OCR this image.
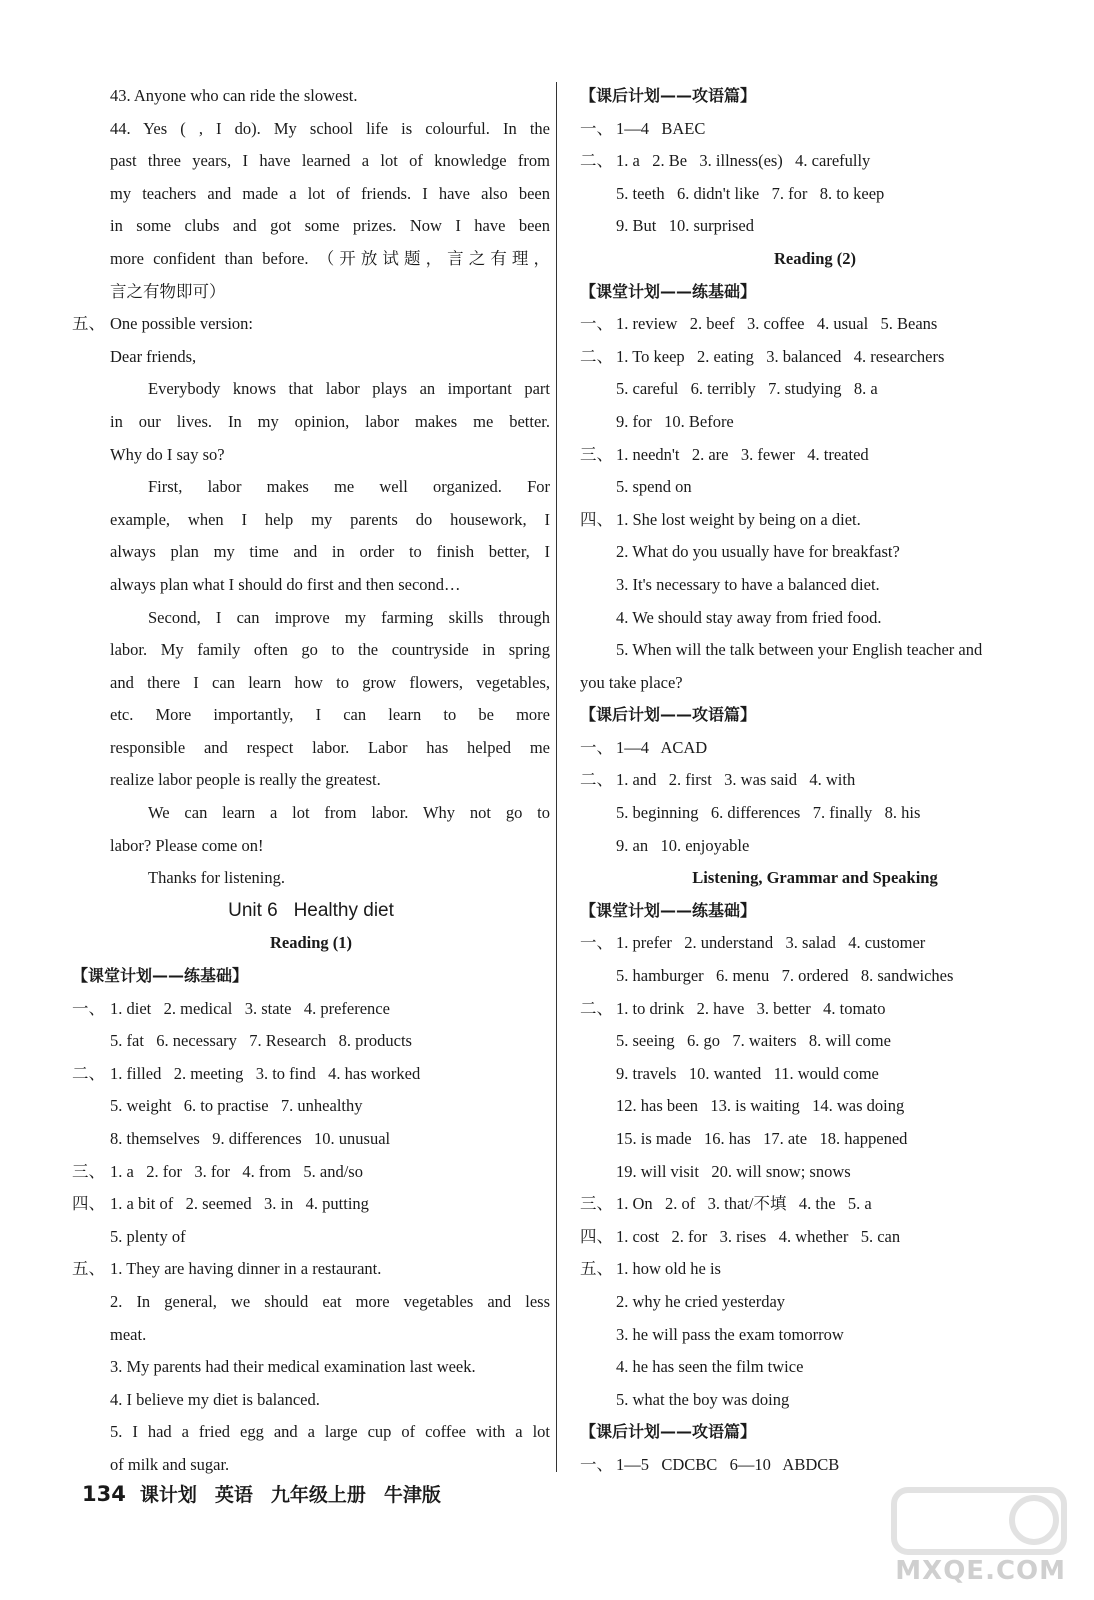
43. Anyone who can ride the slowest.
44. Yes ( , I do). My school life is colourful. In the
past three years, I have learned a lot of knowledge from
my teachers and made a lot of friends. I have also been
in some clubs and got some prizes. Now I have been
more confident than before. （开放试题，言之有理，
言之有物即可）
五、 One possible version:
Dear friends,
Everybody knows that labor plays an important part
in our lives. In my opinion, labor makes me better.
Why do I say so?
First, labor makes me well organized. For
example, when I help my parents do housework, I
always plan my time and in order to finish better, I
always plan what I should do first and then second…
Second, I can improve my farming skills through
labor. My family often go to the countryside in spring
and there I can learn how to grow flowers, vegetables,
etc. More importantly, I can learn to be more
responsible and respect labor. Labor has helped me
realize labor people is really the greatest.
We can learn a lot from labor. Why not go to
labor? Please come on!
Thanks for listening.
Unit 6   Healthy diet
Reading (1)
【课堂计划——练基础】
一、 1. diet   2. medical   3. state   4. preference
5. fat   6. necessary   7. Research   8. products
二、 1. filled   2. meeting   3. to find   4. has worked
5. weight   6. to practise   7. unhealthy
8. themselves   9. differences   10. unusual
三、 1. a   2. for   3. for   4. from   5. and/so
四、 1. a bit of   2. seemed   3. in   4. putting
5. plenty of
五、 1. They are having dinner in a restaurant.
2. In general, we should eat more vegetables and less
meat.
3. My parents had their medical examination last week.
4. I believe my diet is balanced.
5. I had a fried egg and a large cup of coffee with a lot
of milk and sugar.
【课后计划——攻语篇】
一、 1—4   BAEC
二、 1. a   2. Be   3. illness(es)   4. carefully
5. teeth   6. didn't like   7. for   8. to keep
9. But   10. surprised
Reading (2)
【课堂计划——练基础】
一、 1. review   2. beef   3. coffee   4. usual   5. Beans
二、 1. To keep   2. eating   3. balanced   4. researchers
5. careful   6. terribly   7. studying   8. a
9. for   10. Before
三、 1. needn't   2. are   3. fewer   4. treated
5. spend on
四、 1. She lost weight by being on a diet.
2. What do you usually have for breakfast?
3. It's necessary to have a balanced diet.
4. We should stay away from fried food.
5. When will the talk between your English teacher and
you take place?
【课后计划——攻语篇】
一、 1—4   ACAD
二、 1. and   2. first   3. was said   4. with
5. beginning   6. differences   7. finally   8. his
9. an   10. enjoyable
Listening, Grammar and Speaking
【课堂计划——练基础】
一、 1. prefer   2. understand   3. salad   4. customer
5. hamburger   6. menu   7. ordered   8. sandwiches
二、 1. to drink   2. have   3. better   4. tomato
5. seeing   6. go   7. waiters   8. will come
9. travels   10. wanted   11. would come
12. has been   13. is waiting   14. was doing
15. is made   16. has   17. ate   18. happened
19. will visit   20. will snow; snows
三、 1. On   2. of   3. that/不填   4. the   5. a
四、 1. cost   2. for   3. rises   4. whether   5. can
五、 1. how old he is
2. why he cried yesterday
3. he will pass the exam tomorrow
4. he has seen the film twice
5. what the boy was doing
【课后计划——攻语篇】
一、 1—5   CDCBC   6—10   ABDCB
134 课计划 英语 九年级上册 牛津版
MXQE.COM
